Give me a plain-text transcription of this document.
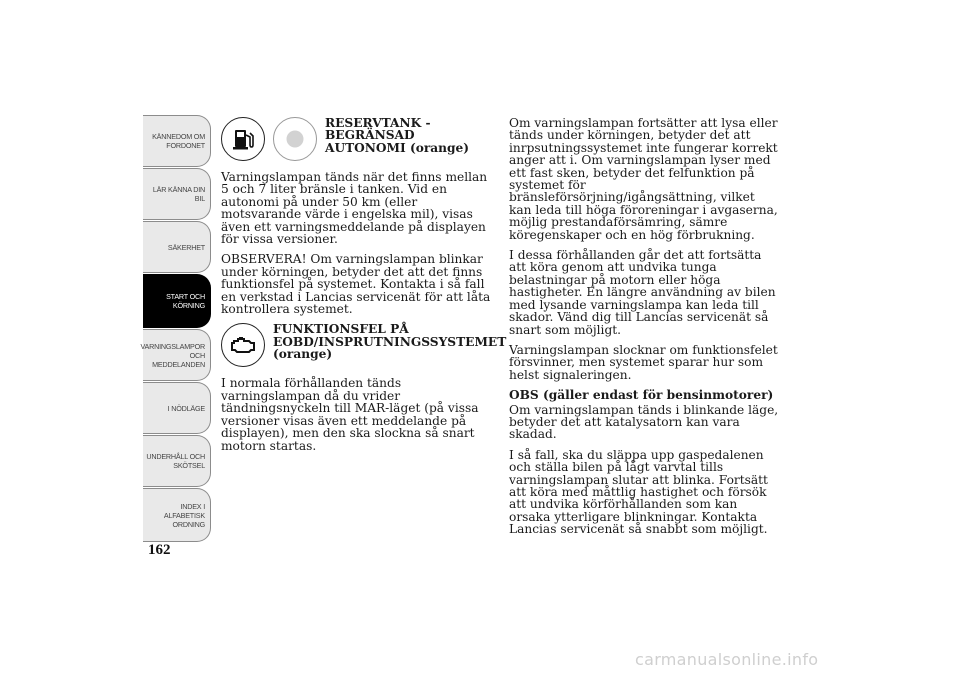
KÄNNEDOM OM
FORDONET
LÄR KÄNNA DIN
BIL
SÄKERHET
START OCH
KÖRNING
VARNINGSLAMPOR
OCH
MEDDELANDEN
I NÖDLÄGE
UNDERHÅLL OCH
SKÖTSEL
INDEX I
ALFABETISK
ORDNING
162
RESERVTANK - BEGRÄNSAD AUTONOMI (orange)

Varningslampan tänds när det finns mellan 5 och 7 liter bränsle i tanken. Vid en autonomi på under 50 km (eller motsvarande värde i engelska mil), visas även ett varningsmeddelande på displayen för vissa versioner.

OBSERVERA! Om varningslampan blinkar under körningen, betyder det att det finns funktionsfel på systemet. Kontakta i så fall en verkstad i Lancias servicenät för att låta kontrollera systemet.

FUNKTIONSFEL PÅ EOBD/INSPRUTNINGSSYSTEMET (orange)

I normala förhållanden tänds varningslampan då du vrider tändningsnyckeln till MAR-läget (på vissa versioner visas även ett meddelande på displayen), men den ska slockna så snart motorn startas.

Om varningslampan fortsätter att lysa eller tänds under körningen, betyder det att inrpsutningssystemet inte fungerar korrekt anger att i. Om varningslampan lyser med ett fast sken, betyder det felfunktion på systemet för bränsleförsörjning/igångsättning, vilket kan leda till höga föroreningar i avgaserna, möjlig prestandaförsämring, sämre köregenskaper och en hög förbrukning.

I dessa förhållanden går det att fortsätta att köra genom att undvika tunga belastningar på motorn eller höga hastigheter. En längre användning av bilen med lysande varningslampa kan leda till skador. Vänd dig till Lancias servicenät så snart som möjligt.

Varningslampan slocknar om funktionsfelet försvinner, men systemet sparar hur som helst signaleringen.

OBS (gäller endast för bensinmotorer)

Om varningslampan tänds i blinkande läge, betyder det att katalysatorn kan vara skadad.

I så fall, ska du släppa upp gaspedalenen och ställa bilen på lågt varvtal tills varningslampan slutar att blinka. Fortsätt att köra med måttlig hastighet och försök att undvika körförhållanden som kan orsaka ytterligare blinkningar. Kontakta Lancias servicenät så snabbt som möjligt.

carmanualsonline.info
